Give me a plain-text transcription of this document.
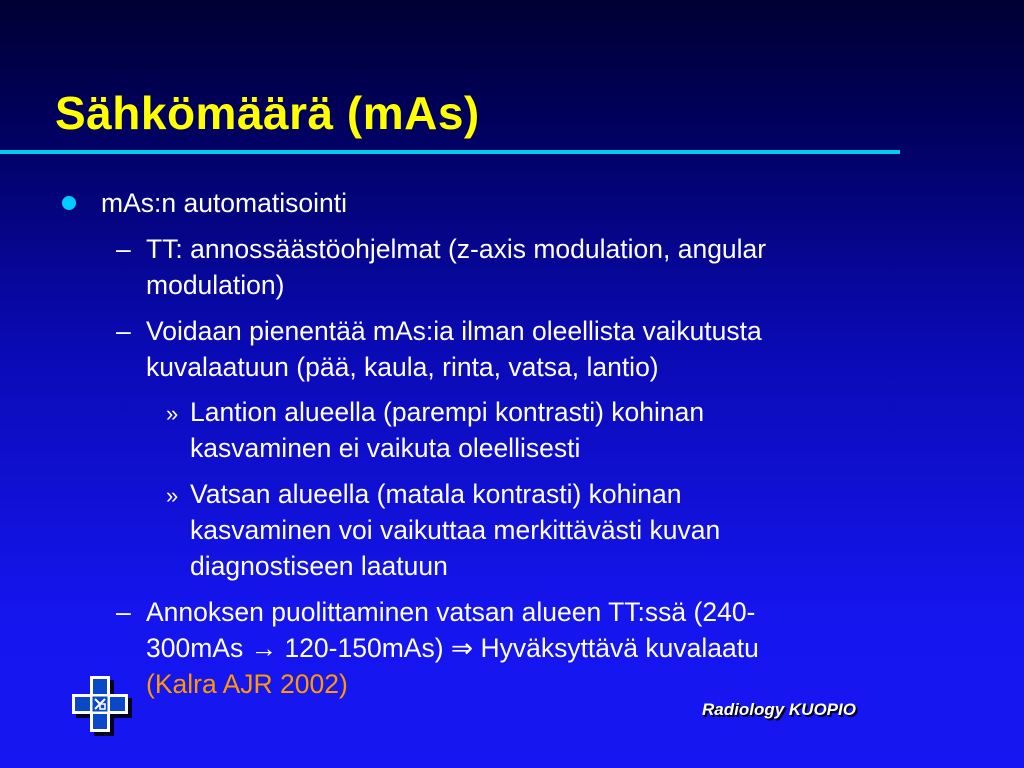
Sähkömäärä (mAs)
mAs:n automatisointi
– TT: annossäästöohjelmat (z-axis modulation, angular
modulation)
– Voidaan pienentää mAs:ia ilman oleellista vaikutusta
kuvalaatuun (pää, kaula, rinta, vatsa, lantio)
» Lantion alueella (parempi kontrasti) kohinan
kasvaminen ei vaikuta oleellisesti
» Vatsan alueella (matala kontrasti) kohinan
kasvaminen voi vaikuttaa merkittävästi kuvan
diagnostiseen laatuun
– Annoksen puolittaminen vatsan alueen TT:ssä (240-
300mAs → 120-150mAs) ⇒ Hyväksyttävä kuvalaatu
(Kalra AJR 2002)
Radiology KUOPIO
